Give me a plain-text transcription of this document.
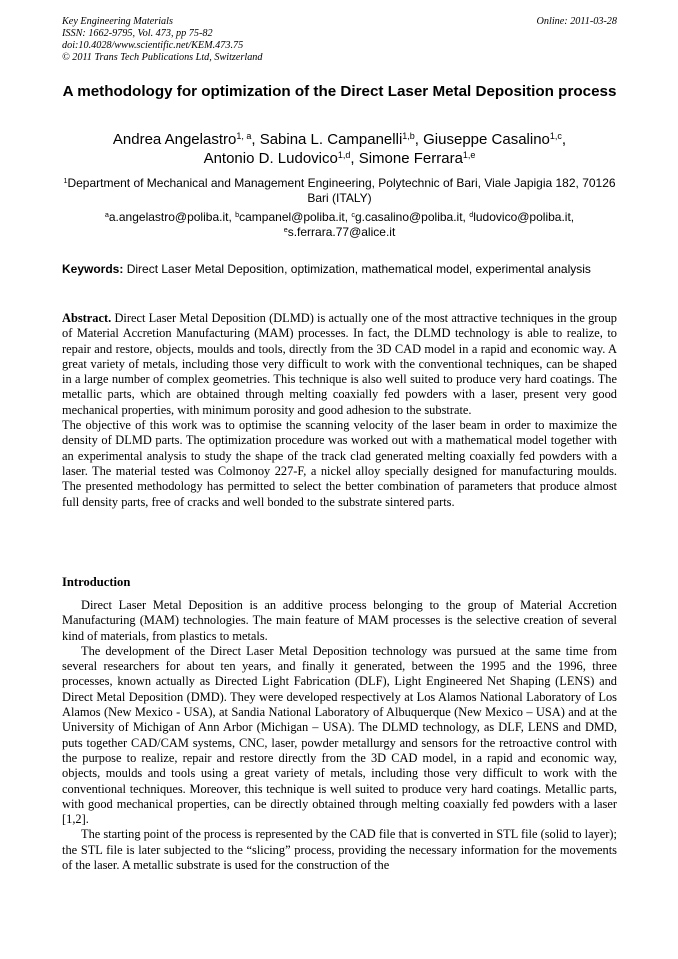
Key Engineering Materials
ISSN: 1662-9795, Vol. 473, pp 75-82
doi:10.4028/www.scientific.net/KEM.473.75
© 2011 Trans Tech Publications Ltd, Switzerland
Online: 2011-03-28
A methodology for optimization of the Direct Laser Metal Deposition process
Andrea Angelastro$^{1, a}$, Sabina L. Campanelli$^{1,b}$, Giuseppe Casalino$^{1,c}$,
Antonio D. Ludovico$^{1,d}$, Simone Ferrara$^{1,e}$
$^1$Department of Mechanical and Management Engineering, Polytechnic of Bari, Viale Japigia 182, 70126 Bari (ITALY)
$^a$a.angelastro@poliba.it, $^b$campanel@poliba.it, $^c$g.casalino@poliba.it, $^d$ludovico@poliba.it,
$^e$s.ferrara.77@alice.it
Keywords: Direct Laser Metal Deposition, optimization, mathematical model, experimental analysis

Abstract. Direct Laser Metal Deposition (DLMD) is actually one of the most attractive techniques in the group of Material Accretion Manufacturing (MAM) processes. In fact, the DLMD technology is able to realize, to repair and restore, objects, moulds and tools, directly from the 3D CAD model in a rapid and economic way. A great variety of metals, including those very difficult to work with the conventional techniques, can be shaped in a large number of complex geometries. This technique is also well suited to produce very hard coatings. The metallic parts, which are obtained through melting coaxially fed powders with a laser, present very good mechanical properties, with minimum porosity and good adhesion to the substrate.

The objective of this work was to optimise the scanning velocity of the laser beam in order to maximize the density of DLMD parts. The optimization procedure was worked out with a mathematical model together with an experimental analysis to study the shape of the track clad generated melting coaxially fed powders with a laser. The material tested was Colmonoy 227-F, a nickel alloy specially designed for manufacturing moulds. The presented methodology has permitted to select the better combination of parameters that produce almost full density parts, free of cracks and well bonded to the substrate sintered parts.

Introduction

Direct Laser Metal Deposition is an additive process belonging to the group of Material Accretion Manufacturing (MAM) technologies. The main feature of MAM processes is the selective creation of several kind of materials, from plastics to metals.

The development of the Direct Laser Metal Deposition technology was pursued at the same time from several researchers for about ten years, and finally it generated, between the 1995 and the 1996, three processes, known actually as Directed Light Fabrication (DLF), Light Engineered Net Shaping (LENS) and Direct Metal Deposition (DMD). They were developed respectively at Los Alamos National Laboratory of Los Alamos (New Mexico - USA), at Sandia National Laboratory of Albuquerque (New Mexico – USA) and at the University of Michigan of Ann Arbor (Michigan – USA). The DLMD technology, as DLF, LENS and DMD, puts together CAD/CAM systems, CNC, laser, powder metallurgy and sensors for the retroactive control with the purpose to realize, repair and restore directly from the 3D CAD model, in a rapid and economic way, objects, moulds and tools using a great variety of metals, including those very difficult to work with the conventional techniques. Moreover, this technique is well suited to produce very hard coatings. Metallic parts, with good mechanical properties, can be directly obtained through melting coaxially fed powders with a laser [1,2].

The starting point of the process is represented by the CAD file that is converted in STL file (solid to layer); the STL file is later subjected to the “slicing” process, providing the necessary information for the movements of the laser. A metallic substrate is used for the construction of the
